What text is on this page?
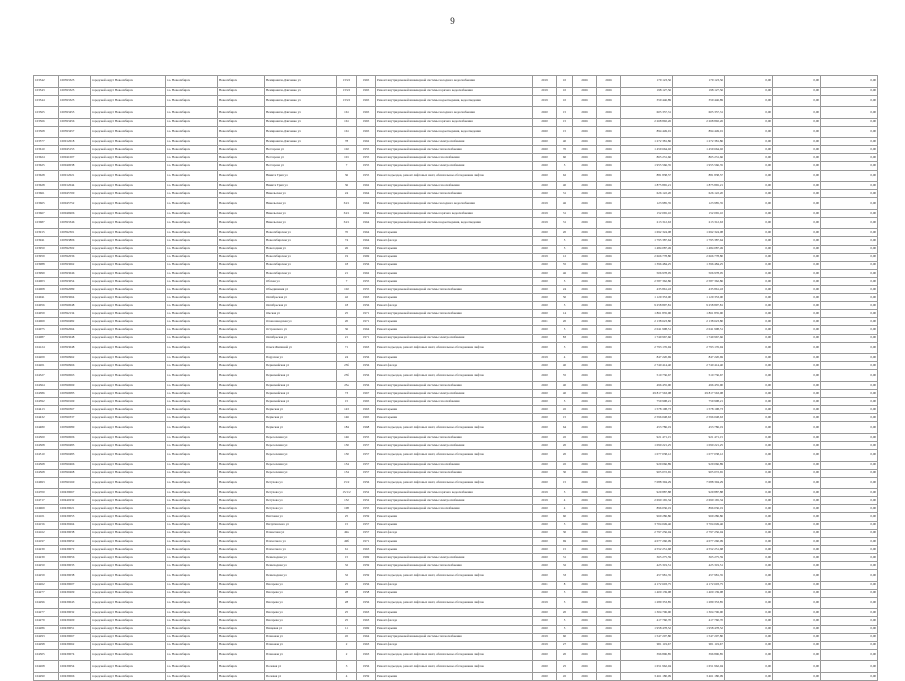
9
103542	100393325	городской округ Новосибирск	г.о. Новосибирск	Новосибирск	Немировича-Данченко ул	153/2	1965	Ремонт внутридомовой инженерной системы холодного водоснабжения	2019	10	2026	2026	179 123,56	179 123,56	0,00	0,00	0,00
103543	100393325	городской округ Новосибирск	г.о. Новосибирск	Новосибирск	Немировича-Данченко ул	153/2	1965	Ремонт внутридомовой инженерной системы горячего водоснабжения	2019	10	2026	2026	198 127,56	198 127,56	0,00	0,00	0,00
103544	100393325	городской округ Новосибирск	г.о. Новосибирск	Новосибирск	Немировича-Данченко ул	153/2	1965	Ремонт внутридомовой инженерной системы водоотведения, водоотведения	2019	10	2026	2026	359 446,89	359 446,89	0,00	0,00	0,00
103565	100393455	городской округ Новосибирск	г.о. Новосибирск	Новосибирск	Немировича-Данченко ул	161	1965	Ремонт внутридомовой инженерной системы холодного водоснабжения	2020	15	2026	2026	605 357,31	605 357,31	0,00	0,00	0,00
103566	100393456	городской округ Новосибирск	г.о. Новосибирск	Новосибирск	Немировича-Данченко ул	161	1965	Ремонт внутридомовой инженерной системы горячего водоснабжения	2020	15	2026	2026	2 268 892,26	2 268 892,26	0,00	0,00	0,00
103568	100393457	городской округ Новосибирск	г.о. Новосибирск	Новосибирск	Немировича-Данченко ул	161	1965	Ремонт внутридомовой инженерной системы водоотведения, водоотведения	2020	15	2026	2026	894 449,01	894 449,01	0,00	0,00	0,00
103577	100012018	городской округ Новосибирск	г.о. Новосибирск	Новосибирск	Немировича-Данченко ул	78	1962	Ремонт внутридомовой инженерной системы электроснабжения	2020	40	2026	2026	1 272 381,86	1 272 381,86	0,00	0,00	0,00
103610	100045153	городской округ Новосибирск	г.о. Новосибирск	Новосибирск	Нестерова ул	102	1955	Ремонт внутридомовой инженерной системы теплоснабжения	2020	70	2026	2026	1 459 664,02	1 459 664,02	0,00	0,00	0,00
103624	100041007	городской округ Новосибирск	г.о. Новосибирск	Новосибирск	Нестерова ул	101	1955	Ремонт внутридомовой инженерной системы газоснабжения	2020	60	2026	2026	865 231,66	865 231,66	0,00	0,00	0,00
103625	100040038	городской округ Новосибирск	г.о. Новосибирск	Новосибирск	Нестерова ул	7	1955	Ремонт внутридомовой инженерной системы электроснабжения	2020	5	2026	2026	1 955 566,35	1 955 566,35	0,00	0,00	0,00
103628	100012021	городской округ Новосибирск	г.о. Новосибирск	Новосибирск	Никита Трип ул	36	1955	Ремонт подъездов, ремонт лифтовых шахт, обязательное обследование лифтов	2020	62	2026	2026	881 838,57	881 838,57	0,00	0,00	0,00
103628	100012044	городской округ Новосибирск	г.о. Новосибирск	Новосибирск	Никита Трип ул	36	1962	Ремонт внутридомовой инженерной системы газоснабжения	2020	40	2026	2026	1 875 865,21	1 875 865,21	0,00	0,00	0,00
103661	100045700	городской округ Новосибирск	г.о. Новосибирск	Новосибирск	Никольская ул	24	1964	Ремонт внутридомовой инженерной системы теплоснабжения	2020	31	2026	2026	626 122,20	626 122,20	0,00	0,00	0,00
103665	100045752	городской округ Новосибирск	г.о. Новосибирск	Новосибирск	Никольская ул	34/1	1964	Ремонт внутридомовой инженерной системы холодного водоснабжения	2019	46	2026	2026	123 985,35	123 985,35	0,00	0,00	0,00
103667	100046906	городской округ Новосибирск	г.о. Новосибирск	Новосибирск	Никольская ул	34/1	1964	Ремонт внутридомовой инженерной системы горячего водоснабжения	2019	31	2026	2026	152 065,10	152 065,10	0,00	0,00	0,00
103687	100393346	городской округ Новосибирск	г.о. Новосибирск	Новосибирск	Никольская ул	34/1	1964	Ремонт внутридомовой инженерной системы водоотведения, водоотведения	2019	31	2026	2026	213 312,63	213 312,63	0,00	0,00	0,00
103915	100392301	городской округ Новосибирск	г.о. Новосибирск	Новосибирск	Новосибирская ул	70	1964	Ремонт крыши	2020	20	2026	2026	1 692 324,08	1 692 324,08	0,00	0,00	0,00
103941	100393806	городской округ Новосибирск	г.о. Новосибирск	Новосибирск	Новосибирская ул	74	1964	Ремонт фасада	2020	5	2026	2026	1 795 387,64	1 795 387,64	0,00	0,00	0,00
103950	100392302	городской округ Новосибирск	г.о. Новосибирск	Новосибирск	Новогодняя ул	26	1964	Ремонт крыши	2020	5	2026	2026	1 484 087,49	1 484 087,49	0,00	0,00	0,00
103959	100392036	городской округ Новосибирск	г.о. Новосибирск	Новосибирск	Новосибирская ул	19	1969	Ремонт крыши	2019	12	2026	2026	2 666 778,80	2 666 778,80	0,00	0,00	0,00
103988	100393062	городской округ Новосибирск	г.о. Новосибирск	Новосибирск	Новосибирская ул	18	1956	Ремонт крыши	2020	55	2026	2026	1 396 484,25	1 396 484,25	0,00	0,00	0,00
103999	100393046	городской округ Новосибирск	г.о. Новосибирск	Новосибирск	Новосибирская ул	21	1962	Ремонт крыши	2020	46	2026	2026	506 978,05	506 978,05	0,00	0,00	0,00
104003	100393054	городской округ Новосибирск	г.о. Новосибирск	Новосибирск	Обская ул	7	1955	Ремонт крыши	2020	5	2026	2026	2 587 362,86	2 587 362,86	0,00	0,00	0,00
104008	100392089	городской округ Новосибирск	г.о. Новосибирск	Новосибирск	Объединения ул	102	1955	Ремонт внутридомовой инженерной системы теплоснабжения	2020	24	2026	2026	435 861,43	435 861,43	0,00	0,00	0,00
104041	100393064	городской округ Новосибирск	г.о. Новосибирск	Новосибирск	Октябрьская ул	42	1963	Ремонт крыши	2020	50	2026	2026	1 129 353,00	1 129 353,00	0,00	0,00	0,00
104056	100390048	городской округ Новосибирск	г.о. Новосибирск	Новосибирск	Октябрьская ул	18	1956	Ремонт фасада	2020	5	2026	2026	9 258 897,81	9 258 897,81	0,00	0,00	0,00
104059	100392134	городской округ Новосибирск	г.о. Новосибирск	Новосибирск	Омская ул	25	1971	Ремонт внутридомовой инженерной системы теплоснабжения	2020	14	2026	2026	1 861 835,90	1 861 835,90	0,00	0,00	0,00
104069	100390482	городской округ Новосибирск	г.о. Новосибирск	Новосибирск	Оловозаводская ул	20	1971	Ремонт крыши	2021	20	2026	2026	2 138 623,80	2 138 623,80	0,00	0,00	0,00
104075	100392064	городской округ Новосибирск	г.о. Новосибирск	Новосибирск	Островского ул	36	1964	Ремонт крыши	2020	5	2026	2026	2 041 998,51	2 041 998,51	0,00	0,00	0,00
104087	100393048	городской округ Новосибирск	г.о. Новосибирск	Новосибирск	Октябрьская ул	21	1971	Ремонт внутридомовой инженерной системы электроснабжения	2020	83	2026	2026	1 749 967,66	1 749 967,66	0,00	0,00	0,00
104124	100393048	городской округ Новосибирск	г.о. Новосибирск	Новосибирск	Ольги Жилиной ул	71	1963	Ремонт подъездов, ремонт лифтовых шахт, обязательное обследование лифтов	2020	5	2026	2026	2 793 176,94	2 793 176,94	0,00	0,00	0,00
104209	100390962	городской округ Новосибирск	г.о. Новосибирск	Новосибирск	Парусная ул	24	1956	Ремонт крыши	2019	4	2026	2026	847 220,69	847 220,69	0,00	0,00	0,00
104201	100390966	городской округ Новосибирск	г.о. Новосибирск	Новосибирск	Первомайская ул	25б	1956	Ремонт фасада	2020	40	2026	2026	2 740 414,40	2 740 414,40	0,00	0,00	0,00
104327	100390063	городской округ Новосибирск	г.о. Новосибирск	Новосибирск	Первомайская ул	25б	1956	Ремонт подъездов, ремонт лифтовых шахт, обязательное обследование лифтов	2020	55	2026	2026	510 736,67	510 736,67	0,00	0,00	0,00
104364	100390069	городской округ Новосибирск	г.о. Новосибирск	Новосибирск	Первомайская ул	25а	1956	Ремонт внутридомовой инженерной системы теплоснабжения	2020	40	2026	2026	496 455,90	496 455,90	0,00	0,00	0,00
104386	100390085	городской округ Новосибирск	г.о. Новосибирск	Новосибирск	Первомайская ул	73	1967	Ремонт внутридомовой инженерной системы электроснабжения	2020	40	2026	2026	29 817 563,08	29 817 563,08	0,00	0,00	0,00
104392	100390169	городской округ Новосибирск	г.о. Новосибирск	Новосибирск	Первомайская ул	15	1965	Ремонт внутридомовой инженерной системы газоснабжения	2020	5	2026	2026	759 998,21	759 998,21	0,00	0,00	0,00
104413	100390367	городской округ Новосибирск	г.о. Новосибирск	Новосибирск	Пермская ул	143	1963	Ремонт крыши	2020	45	2026	2026	1 578 198,73	1 578 198,73	0,00	0,00	0,00
104432	100390337	городской округ Новосибирск	г.о. Новосибирск	Новосибирск	Пермская ул	146	1965	Ремонт крыши	2020	15	2026	2026	2 596 048,63	2 596 048,63	0,00	0,00	0,00
104480	100390080	городской округ Новосибирск	г.о. Новосибирск	Новосибирск	Пермская ул	184	1968	Ремонт подъездов, ремонт лифтовых шахт, обязательное обследование лифтов	2020	64	2026	2026	453 786,19	453 786,19	0,00	0,00	0,00
104500	100390006	городской округ Новосибирск	г.о. Новосибирск	Новосибирск	Переселения ул	146	1955	Ремонт внутридомовой инженерной системы теплоснабжения	2020	45	2026	2026	921 471,15	921 471,15	0,00	0,00	0,00
104508	100390485	городской округ Новосибирск	г.о. Новосибирск	Новосибирск	Переселения ул	150	1957	Ремонт внутридомовой инженерной системы электроснабжения	2020	20	2026	2026	1 090 221,25	1 090 221,25	0,00	0,00	0,00
104510	100390485	городской округ Новосибирск	г.о. Новосибирск	Новосибирск	Переселения ул	150	1957	Ремонт подъездов, ремонт лифтовых шахт, обязательное обследование лифтов	2020	20	2026	2026	1 077 038,12	1 077 038,12	0,00	0,00	0,00
104568	100390466	городской округ Новосибирск	г.о. Новосибирск	Новосибирск	Переселения ул	154	1957	Ремонт внутридомовой инженерной системы газоснабжения	2020	45	2026	2026	929 066,89	929 066,89	0,00	0,00	0,00
104568	100390468	городской округ Новосибирск	г.о. Новосибирск	Новосибирск	Переселения ул	154	1957	Ремонт внутридомовой инженерной системы теплоснабжения	2020	30	2026	2026	905 072,65	905 072,65	0,00	0,00	0,00
104693	100390160	городской округ Новосибирск	г.о. Новосибирск	Новосибирск	Петухова ул	15/2	1956	Ремонт подъездов, ремонт лифтовых шахт, обязательное обследование лифтов	2020	15	2026	2026	7 088 394,29	7 088 394,29	0,00	0,00	0,00
104700	100439067	городской округ Новосибирск	г.о. Новосибирск	Новосибирск	Петухова ул	15/1/2	1952	Ремонт внутридомовой инженерной системы горячего водоснабжения	2019	5	2026	2026	929 887,88	929 887,88	0,00	0,00	0,00
104717	100440232	городской округ Новосибирск	г.о. Новосибирск	Новосибирск	Петухова ул	152	1952	Ремонт внутридомовой инженерной системы электроснабжения	2019	4	2026	2026	2 690 165,34	2 690 165,34	0,00	0,00	0,00
104969	100439021	городской округ Новосибирск	г.о. Новосибирск	Новосибирск	Петухова ул	108	1955	Ремонт внутридомовой инженерной системы газоснабжения	2020	4	2026	2026	896 036,19	896 036,19	0,00	0,00	0,00
104101	100439055	городской округ Новосибирск	г.о. Новосибирск	Новосибирск	Пихтовая ул	25	1959	Ремонт крыши	2020	60	2026	2026	969 286,86	969 286,86	0,00	0,00	0,00
104156	100439264	городской округ Новосибирск	г.о. Новосибирск	Новосибирск	Пичугинского ул	15	1957	Ремонт крыши	2020	5	2026	2026	3 704 049,46	3 704 049,46	0,00	0,00	0,00
104162	100439038	городской округ Новосибирск	г.о. Новосибирск	Новосибирск	Планетная ул	49а	1957	Ремонт фасада	2020	30	2026	2026	2 797 256,04	2 797 256,04	0,00	0,00	0,00
104197	100439052	городской округ Новосибирск	г.о. Новосибирск	Новосибирск	Плахотного ул	49б	1971	Ремонт крыши	2020	69	2026	2026	4 077 260,09	4 077 260,09	0,00	0,00	0,00
104239	100439072	городской округ Новосибирск	г.о. Новосибирск	Новосибирск	Плахотного ул	61	1963	Ремонт крыши	2020	15	2026	2026	4 552 251,68	4 552 251,68	0,00	0,00	0,00
104239	100439056	городской округ Новосибирск	г.о. Новосибирск	Новосибирск	Пешеходная ул	15	1969	Ремонт внутридомовой инженерной системы электроснабжения	2020	31	2026	2026	365 275,59	365 275,59	0,00	0,00	0,00
104250	100439035	городской округ Новосибирск	г.о. Новосибирск	Новосибирск	Пешеходная ул	32	1959	Ремонт внутридомовой инженерной системы теплоснабжения	2020	32	2026	2026	425 319,51	425 319,51	0,00	0,00	0,00
104259	100439038	городской округ Новосибирск	г.о. Новосибирск	Новосибирск	Пешеходная ул	32	1959	Ремонт подъездов, ремонт лифтовых шахт, обязательное обследование лифтов	2020	33	2026	2026	457 981,35	457 981,35	0,00	0,00	0,00
104262	100439007	городской округ Новосибирск	г.о. Новосибирск	Новосибирск	Писарева ул	25	1956	Ремонт фасада	2021	8	2026	2026	4 172 603,75	4 172 603,75	0,00	0,00	0,00
104277	100439209	городской округ Новосибирск	г.о. Новосибирск	Новосибирск	Писарева ул	28	1958	Ремонт крыши	2020	5	2026	2026	1 400 139,98	1 400 139,98	0,00	0,00	0,00
104296	100439043	городской округ Новосибирск	г.о. Новосибирск	Новосибирск	Писарева ул	28	1956	Ремонт подъездов, ремонт лифтовых шахт, обязательное обследование лифтов	2019	5	2026	2026	1 289 353,85	1 289 353,85	0,00	0,00	0,00
104277	100439032	городской округ Новосибирск	г.о. Новосибирск	Новосибирск	Писарева ул	25	1963	Ремонт крыши	2020	20	2026	2026	1 304 706,90	1 304 706,90	0,00	0,00	0,00
104279	100439200	городской округ Новосибирск	г.о. Новосибирск	Новосибирск	Писарева ул	25	1963	Ремонт фасада	2020	5	2026	2026	417 760,70	417 760,70	0,00	0,00	0,00
104286	100439051	городской округ Новосибирск	г.о. Новосибирск	Новосибирск	Пищевая ул	11	1969	Ремонт крыши	2020	5	2026	2026	1 958 478,52	1 958 478,52	0,00	0,00	0,00
104293	100439067	городской округ Новосибирск	г.о. Новосибирск	Новосибирск	Плановая ул	45	1964	Ремонт внутридомовой инженерной системы теплоснабжения	2019	60	2026	2026	1 547 207,80	1 547 207,80	0,00	0,00	0,00
104298	100439062	городской округ Новосибирск	г.о. Новосибирск	Новосибирск	Плановая ул	2	1963	Ремонт фасада	2019	27	2026	2026	901 119,67	901 119,67	0,00	0,00	0,00
104305	100439074	городской округ Новосибирск	г.о. Новосибирск	Новосибирск	Плановая ул	2	1963	Ремонт подъездов, ремонт лифтовых шахт, обязательное обследование лифтов	2020	20	2026	2026	396 896,85	396 896,85	0,00	0,00	0,00
104268	100439054	городской округ Новосибирск	г.о. Новосибирск	Новосибирск	Полевая ул	3	1956	Ремонт подъездов, ремонт лифтовых шахт, обязательное обследование лифтов	2020	25	2026	2026	1 651 962,04	1 651 962,04	0,00	0,00	0,00
104290	100439066	городской округ Новосибирск	г.о. Новосибирск	Новосибирск	Полевая ул	4	1959	Ремонт крыши	2020	45	2026	2026	3 461 180,09	3 461 180,09	0,00	0,00	0,00
